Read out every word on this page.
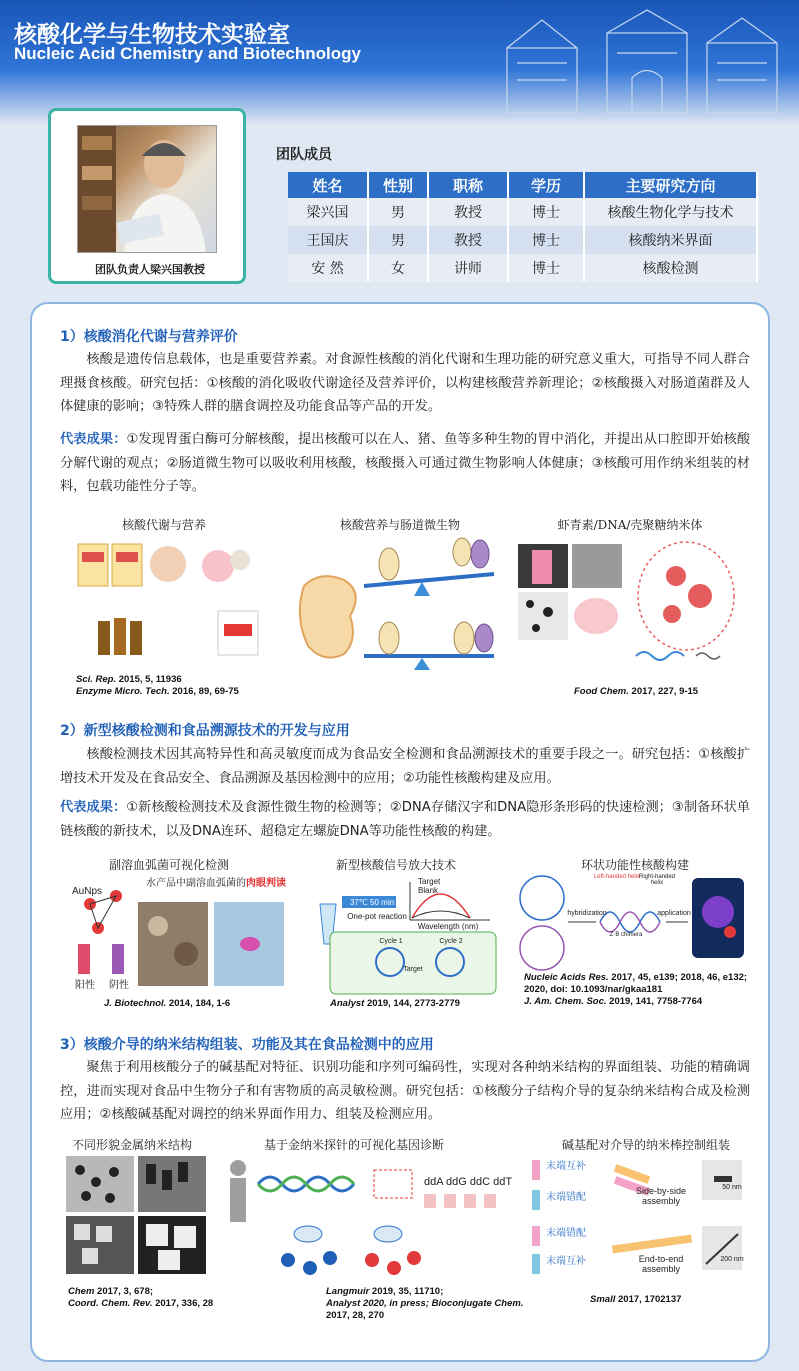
核酸化学与生物技术实验室
Nucleic Acid Chemistry and Biotechnology
团队负责人梁兴国教授
团队成员
姓名	性别	职称	学历	主要研究方向
梁兴国	男	教授	博士	核酸生物化学与技术
王国庆	男	教授	博士	核酸纳米界面
安 然	女	讲师	博士	核酸检测
1）核酸消化代谢与营养评价
核酸是遗传信息载体，也是重要营养素。对食源性核酸的消化代谢和生理功能的研究意义重大，可指导不同人群合理摄食核酸。研究包括：①核酸的消化吸收代谢途径及营养评价，以构建核酸营养新理论；②核酸摄入对肠道菌群及人体健康的影响；③特殊人群的膳食调控及功能食品等产品的开发。
代表成果：①发现胃蛋白酶可分解核酸，提出核酸可以在人、猪、鱼等多种生物的胃中消化，并提出从口腔即开始核酸分解代谢的观点；②肠道微生物可以吸收利用核酸，核酸摄入可通过微生物影响人体健康；③核酸可用作纳米组装的材料，包载功能性分子等。
核酸代谢与营养
Sci. Rep. 2015, 5, 11936
Enzyme Micro. Tech. 2016, 89, 69-75
核酸营养与肠道微生物	虾青素/DNA/壳聚糖纳米体
Food Chem. 2017, 227, 9-15
2）新型核酸检测和食品溯源技术的开发与应用
核酸检测技术因其高特异性和高灵敏度而成为食品安全检测和食品溯源技术的重要手段之一。研究包括：①核酸扩增技术开发及在食品安全、食品溯源及基因检测中的应用；②功能性核酸构建及应用。
代表成果：①新核酸检测技术及食源性微生物的检测等；②DNA存储汉字和DNA隐形条形码的快速检测；③制备环状单链核酸的新技术，以及DNA连环、超稳定左螺旋DNA等功能性核酸的构建。
副溶血弧菌可视化检测
水产品中副溶血弧菌的肉眼判读
AuNps
阳性	阴性
J. Biotechnol. 2014, 184, 1-6
新型核酸信号放大技术
Target
Blank
37℃ 50 min
One-pot reaction
Wavelength (nm)
Cycle 1	Cycle 2
Target
Analyst 2019, 144, 2773-2779
环状功能性核酸构建
Left-handed helix
Right-handed helix
hybridization	application
Z·B chimera
Nucleic Acids Res. 2017, 45, e139; 2018, 46, e132;
2020, doi: 10.1093/nar/gkaa181
J. Am. Chem. Soc. 2019, 141, 7758-7764
3）核酸介导的纳米结构组装、功能及其在食品检测中的应用
聚焦于利用核酸分子的碱基配对特征、识别功能和序列可编码性，实现对各种纳米结构的界面组装、功能的精确调控，进而实现对食品中生物分子和有害物质的高灵敏检测。研究包括：①核酸分子结构介导的复杂纳米结构合成及检测应用；②核酸碱基配对调控的纳米界面作用力、组装及检测应用。
不同形貌金属纳米结构
Chem 2017, 3, 678;
Coord. Chem. Rev. 2017, 336, 28
基于金纳米探针的可视化基因诊断
ddA ddG ddC ddT
Langmuir 2019, 35, 11710;
Analyst 2020, in press; Bioconjugate Chem. 2017, 28, 270
碱基配对介导的纳米棒控制组装
末端互补
末端错配
Side-by-side
assembly
50 nm
末端错配
末端互补	End-to-end
assembly
200 nm
Small 2017, 1702137
